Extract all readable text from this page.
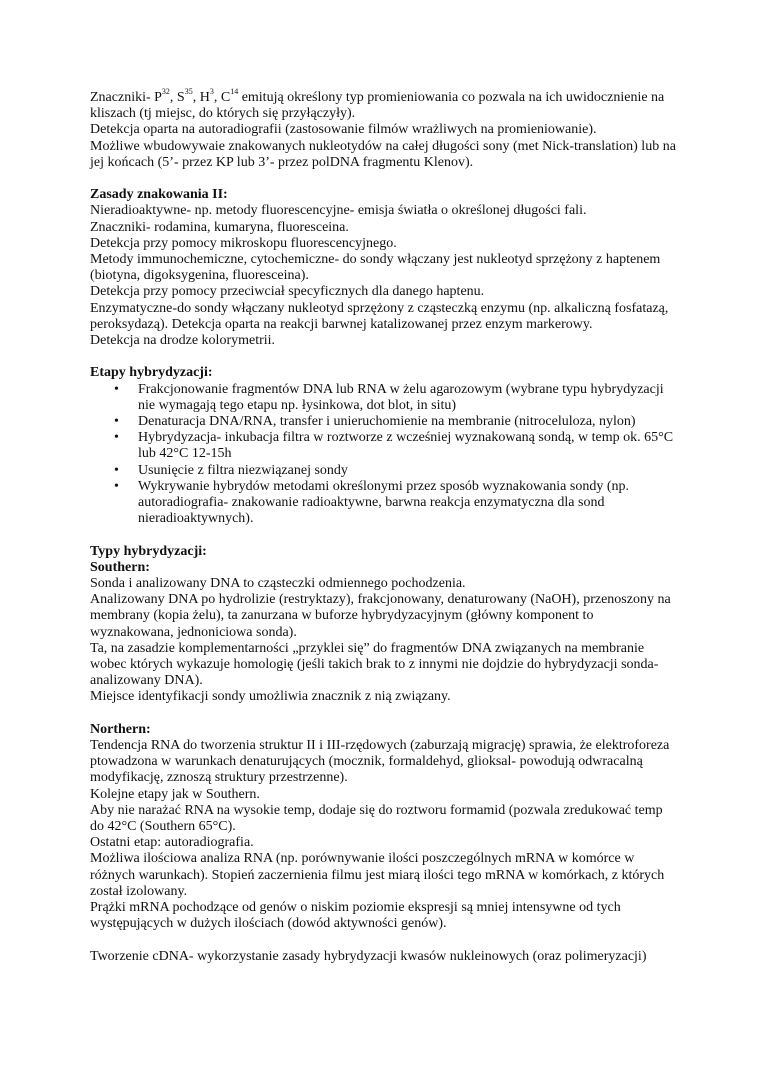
Znaczniki- $P^{32}$, $S^{35}$, $H^3$, $C^{14}$ emitują określony typ promieniowania co pozwala na ich uwidocznienie na kliszach (tj miejsc, do których się przyłączyły).

Detekcja oparta na autoradiografii (zastosowanie filmów wrażliwych na promieniowanie).

Możliwe wbudowywaie znakowanych nukleotydów na całej długości sony (met Nick-translation) lub na jej końcach (5’- przez KP lub 3’- przez polDNA fragmentu Klenov).

Zasady znakowania II:

Nieradioaktywne- np. metody fluorescencyjne- emisja światła o określonej długości fali.

Znaczniki- rodamina, kumaryna, fluoresceina.

Detekcja przy pomocy mikroskopu fluorescencyjnego.

Metody immunochemiczne, cytochemiczne- do sondy włączany jest nukleotyd sprzężony z haptenem (biotyna, digoksygenina, fluoresceina).

Detekcja przy pomocy przeciwciał specyficznych dla danego haptenu.

Enzymatyczne-do sondy włączany nukleotyd sprzężony z cząsteczką enzymu (np. alkaliczną fosfatazą, peroksydazą). Detekcja oparta na reakcji barwnej katalizowanej przez enzym markerowy.

Detekcja na drodze kolorymetrii.

Etapy hybrydyzacji:

• Frakcjonowanie fragmentów DNA lub RNA w żelu agarozowym (wybrane typu hybrydyzacji nie wymagają tego etapu np. łysinkowa, dot blot, in situ)
• Denaturacja DNA/RNA, transfer i unieruchomienie na membranie (nitroceluloza, nylon)
• Hybrydyzacja- inkubacja filtra w roztworze z wcześniej wyznakowaną sondą, w temp ok. 65°C lub 42°C 12-15h
• Usunięcie z filtra niezwiązanej sondy
• Wykrywanie hybrydów metodami określonymi przez sposób wyznakowania sondy (np. autoradiografia- znakowanie radioaktywne, barwna reakcja enzymatyczna dla sond nieradioaktywnych).

Typy hybrydyzacji:

Southern:

Sonda i analizowany DNA to cząsteczki odmiennego pochodzenia.

Analizowany DNA po hydrolizie (restryktazy), frakcjonowany, denaturowany (NaOH), przenoszony na membrany (kopia żelu), ta zanurzana w buforze hybrydyzacyjnym (główny komponent to wyznakowana, jednoniciowa sonda).

Ta, na zasadzie komplementarności „przyklei się” do fragmentów DNA związanych na membranie wobec których wykazuje homologię (jeśli takich brak to z innymi nie dojdzie do hybrydyzacji sonda-analizowany DNA).

Miejsce identyfikacji sondy umożliwia znacznik z nią związany.

Northern:

Tendencja RNA do tworzenia struktur II i III-rzędowych (zaburzają migrację) sprawia, że elektroforeza ptowadzona w warunkach denaturujących (mocznik, formaldehyd, glioksal- powodują odwracalną modyfikację, zznoszą struktury przestrzenne).

Kolejne etapy jak w Southern.

Aby nie narażać RNA na wysokie temp, dodaje się do roztworu formamid (pozwala zredukować temp do 42°C (Southern 65°C).

Ostatni etap: autoradiografia.

Możliwa ilościowa analiza RNA (np. porównywanie ilości poszczególnych mRNA w komórce w różnych warunkach). Stopień zaczernienia filmu jest miarą ilości tego mRNA w komórkach, z których został izolowany.

Prążki mRNA pochodzące od genów o niskim poziomie ekspresji są mniej intensywne od tych występujących w dużych ilościach (dowód aktywności genów).

Tworzenie cDNA- wykorzystanie zasady hybrydyzacji kwasów nukleinowych (oraz polimeryzacji)
